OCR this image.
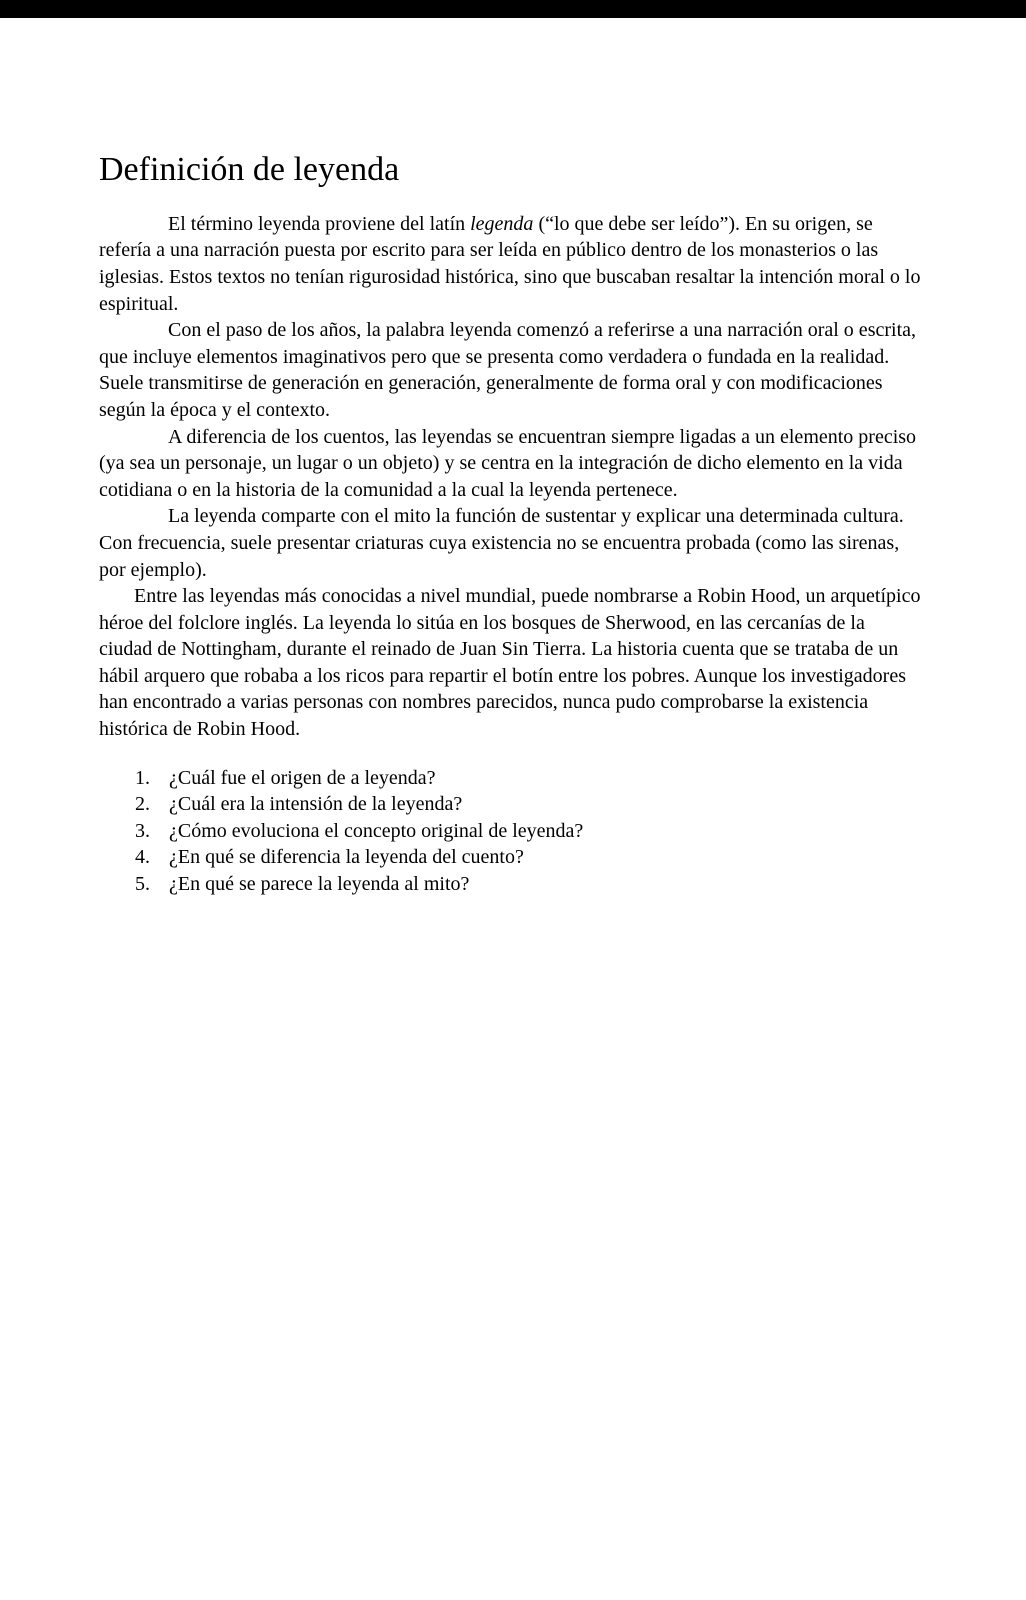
Definición de leyenda

El término leyenda proviene del latín legenda (“lo que debe ser leído”). En su origen, se refería a una narración puesta por escrito para ser leída en público dentro de los monasterios o las iglesias. Estos textos no tenían rigurosidad histórica, sino que buscaban resaltar la intención moral o lo espiritual.

Con el paso de los años, la palabra leyenda comenzó a referirse a una narración oral o escrita, que incluye elementos imaginativos pero que se presenta como verdadera o fundada en la realidad. Suele transmitirse de generación en generación, generalmente de forma oral y con modificaciones según la época y el contexto.

A diferencia de los cuentos, las leyendas se encuentran siempre ligadas a un elemento preciso (ya sea un personaje, un lugar o un objeto) y se centra en la integración de dicho elemento en la vida cotidiana o en la historia de la comunidad a la cual la leyenda pertenece.

La leyenda comparte con el mito la función de sustentar y explicar una determinada cultura. Con frecuencia, suele presentar criaturas cuya existencia no se encuentra probada (como las sirenas, por ejemplo).

Entre las leyendas más conocidas a nivel mundial, puede nombrarse a Robin Hood, un arquetípico héroe del folclore inglés. La leyenda lo sitúa en los bosques de Sherwood, en las cercanías de la ciudad de Nottingham, durante el reinado de Juan Sin Tierra. La historia cuenta que se trataba de un hábil arquero que robaba a los ricos para repartir el botín entre los pobres. Aunque los investigadores han encontrado a varias personas con nombres parecidos, nunca pudo comprobarse la existencia histórica de Robin Hood.

1. ¿Cuál fue el origen de a leyenda?
2. ¿Cuál era la intensión de la leyenda?
3. ¿Cómo evoluciona el concepto original de leyenda?
4. ¿En qué se diferencia la leyenda del cuento?
5. ¿En qué se parece la leyenda al mito?
